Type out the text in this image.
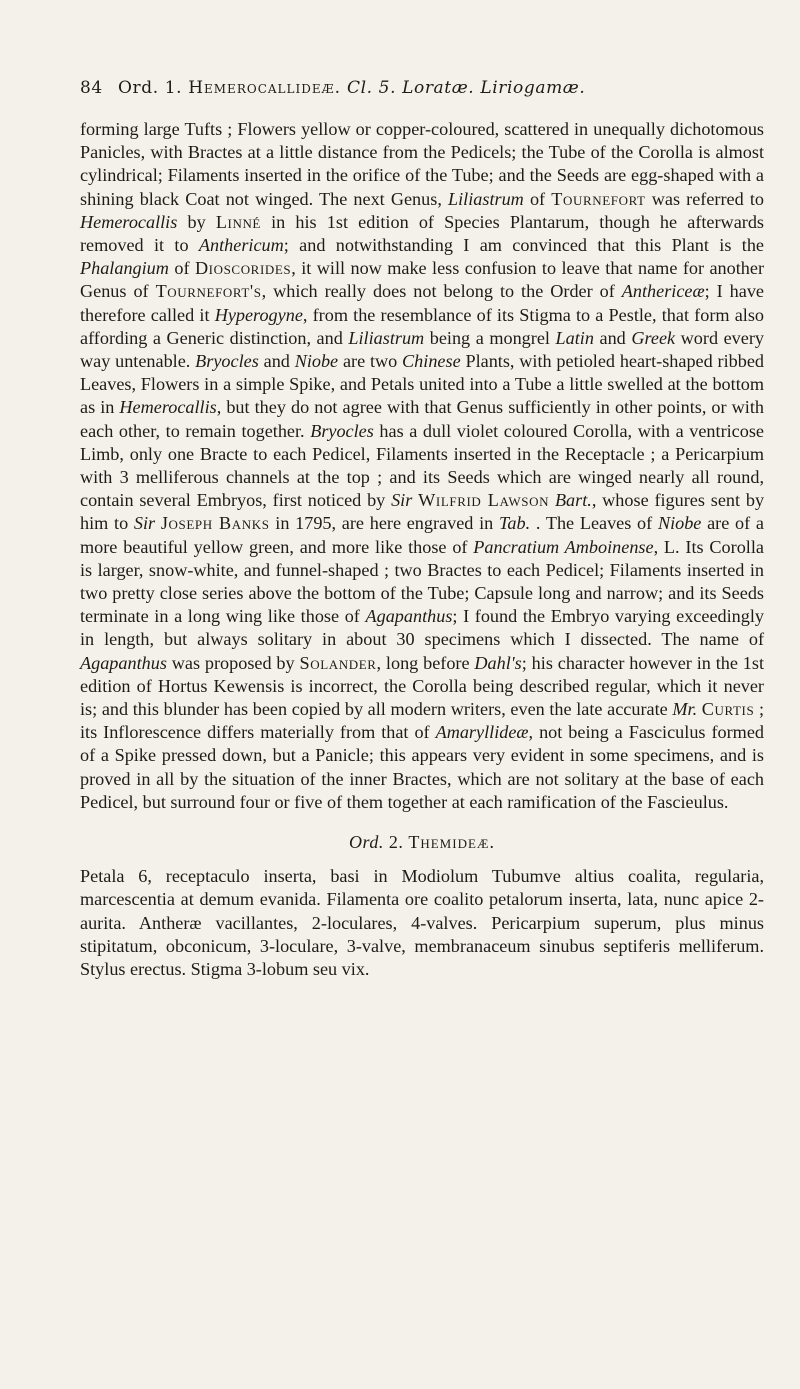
84 Ord. 1. Hemerocallideæ. Cl. 5. Loratæ. Liriogamæ.

forming large Tufts ; Flowers yellow or copper-coloured, scattered in unequally dichotomous Panicles, with Bractes at a little distance from the Pedicels; the Tube of the Corolla is almost cylindrical; Filaments inserted in the orifice of the Tube; and the Seeds are egg-shaped with a shining black Coat not winged. The next Genus, Liliastrum of Tournefort was referred to Hemerocallis by Linné in his 1st edition of Species Plantarum, though he afterwards removed it to Anthericum; and notwithstanding I am convinced that this Plant is the Phalangium of Dioscorides, it will now make less confusion to leave that name for another Genus of Tournefort's, which really does not belong to the Order of Anthericeæ; I have therefore called it Hyperogyne, from the resemblance of its Stigma to a Pestle, that form also affording a Generic distinction, and Liliastrum being a mongrel Latin and Greek word every way untenable. Bryocles and Niobe are two Chinese Plants, with petioled heart-shaped ribbed Leaves, Flowers in a simple Spike, and Petals united into a Tube a little swelled at the bottom as in Hemerocallis, but they do not agree with that Genus sufficiently in other points, or with each other, to remain together. Bryocles has a dull violet coloured Corolla, with a ventricose Limb, only one Bracte to each Pedicel, Filaments inserted in the Receptacle ; a Pericarpium with 3 melliferous channels at the top ; and its Seeds which are winged nearly all round, contain several Embryos, first noticed by Sir Wilfrid Lawson Bart., whose figures sent by him to Sir Joseph Banks in 1795, are here engraved in Tab. . The Leaves of Niobe are of a more beautiful yellow green, and more like those of Pancratium Amboinense, L. Its Corolla is larger, snow-white, and funnel-shaped ; two Bractes to each Pedicel; Filaments inserted in two pretty close series above the bottom of the Tube; Capsule long and narrow; and its Seeds terminate in a long wing like those of Agapanthus; I found the Embryo varying exceedingly in length, but always solitary in about 30 specimens which I dissected. The name of Agapanthus was proposed by Solander, long before Dahl's; his character however in the 1st edition of Hortus Kewensis is incorrect, the Corolla being described regular, which it never is; and this blunder has been copied by all modern writers, even the late accurate Mr. Curtis ; its Inflorescence differs materially from that of Amaryllideæ, not being a Fasciculus formed of a Spike pressed down, but a Panicle; this appears very evident in some specimens, and is proved in all by the situation of the inner Bractes, which are not solitary at the base of each Pedicel, but surround four or five of them together at each ramification of the Fascieulus.

Ord. 2. Themideæ.

Petala 6, receptaculo inserta, basi in Modiolum Tubumve altius coalita, regularia, marcescentia at demum evanida. Filamenta ore coalito petalorum inserta, lata, nunc apice 2-aurita. Antheræ vacillantes, 2-loculares, 4-valves. Pericarpium superum, plus minus stipitatum, obconicum, 3-loculare, 3-valve, membranaceum sinubus septiferis melliferum. Stylus erectus. Stigma 3-lobum seu vix.
